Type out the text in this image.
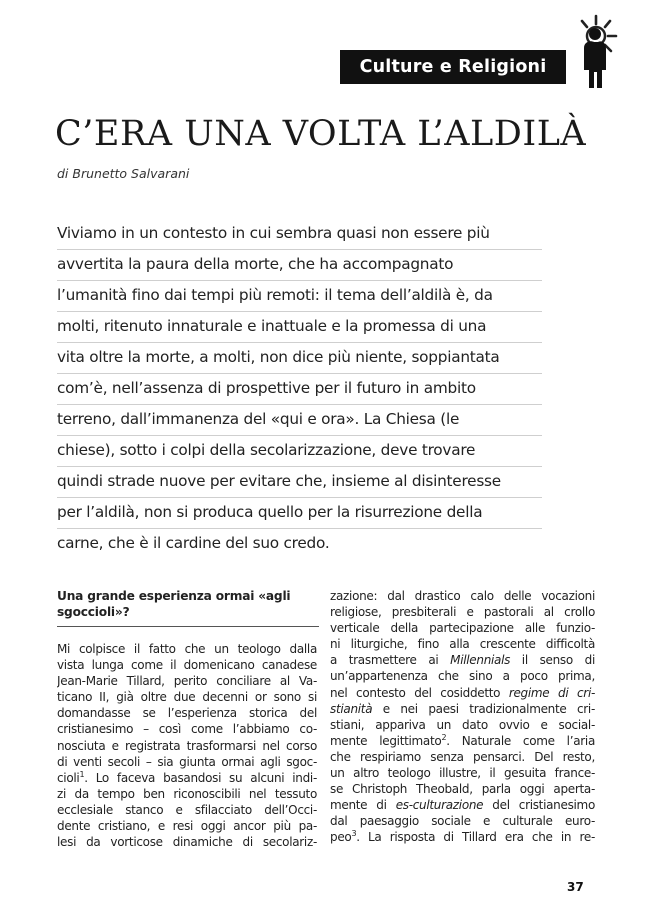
Culture e Religioni
C’ERA UNA VOLTA L’ALDILÀ
di Brunetto Salvarani
Viviamo in un contesto in cui sembra quasi non essere più
avvertita la paura della morte, che ha accompagnato
l’umanità fino dai tempi più remoti: il tema dell’aldilà è, da
molti, ritenuto innaturale e inattuale e la promessa di una
vita oltre la morte, a molti, non dice più niente, soppiantata
com’è, nell’assenza di prospettive per il futuro in ambito
terreno, dall’immanenza del «qui e ora». La Chiesa (le
chiese), sotto i colpi della secolarizzazione, deve trovare
quindi strade nuove per evitare che, insieme al disinteresse
per l’aldilà, non si produca quello per la risurrezione della
carne, che è il cardine del suo credo.
Una grande esperienza ormai «agli
sgoccioli»?
Mi colpisce il fatto che un teologo dalla
vista lunga come il domenicano canadese
Jean-Marie Tillard, perito conciliare al Va-
ticano II, già oltre due decenni or sono si
domandasse se l’esperienza storica del
cristianesimo – così come l’abbiamo co-
nosciuta e registrata trasformarsi nel corso
di venti secoli – sia giunta ormai agli sgoc-
cioli$^1$. Lo faceva basandosi su alcuni indi-
zi da tempo ben riconoscibili nel tessuto
ecclesiale stanco e sfilacciato dell’Occi-
dente cristiano, e resi oggi ancor più pa-
lesi da vorticose dinamiche di secolariz-
zazione: dal drastico calo delle vocazioni
religiose, presbiterali e pastorali al crollo
verticale della partecipazione alle funzio-
ni liturgiche, fino alla crescente difficoltà
a trasmettere ai Millennials il senso di
un’appartenenza che sino a poco prima,
nel contesto del cosiddetto regime di cri-
stianità e nei paesi tradizionalmente cri-
stiani, appariva un dato ovvio e social-
mente legittimato$^2$. Naturale come l’aria
che respiriamo senza pensarci. Del resto,
un altro teologo illustre, il gesuita france-
se Christoph Theobald, parla oggi aperta-
mente di es-culturazione del cristianesimo
dal paesaggio sociale e culturale euro-
peo$^3$. La risposta di Tillard era che in re-
37
